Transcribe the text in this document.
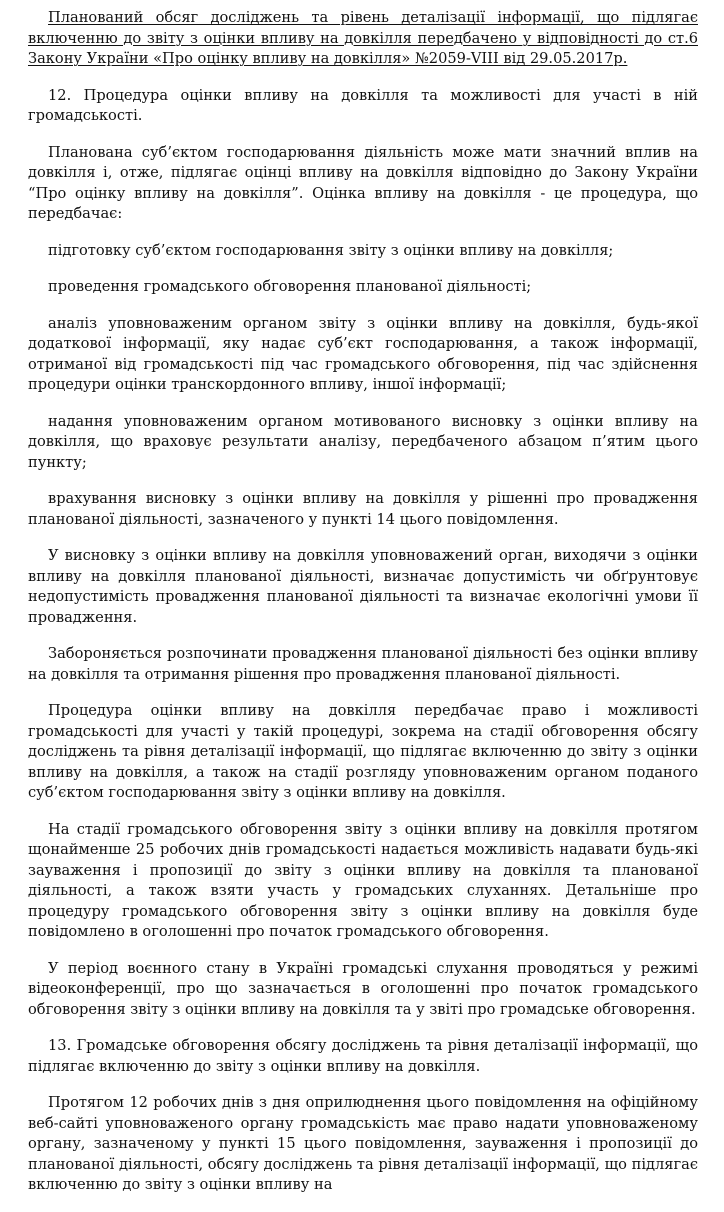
Планований обсяг досліджень та рівень деталізації інформації, що підлягає включенню до звіту з оцінки впливу на довкілля передбачено у відповідності до ст.6 Закону України «Про оцінку впливу на довкілля» №2059-VIII від 29.05.2017р.

12. Процедура оцінки впливу на довкілля та можливості для участі в ній громадськості.

Планована суб’єктом господарювання діяльність може мати значний вплив на довкілля і, отже, підлягає оцінці впливу на довкілля відповідно до Закону України “Про оцінку впливу на довкілля”. Оцінка впливу на довкілля - це процедура, що передбачає:

підготовку суб’єктом господарювання звіту з оцінки впливу на довкілля;

проведення громадського обговорення планованої діяльності;

аналіз уповноваженим органом звіту з оцінки впливу на довкілля, будь-якої додаткової інформації, яку надає суб’єкт господарювання, а також інформації, отриманої від громадськості під час громадського обговорення, під час здійснення процедури оцінки транскордонного впливу, іншої інформації;

надання уповноваженим органом мотивованого висновку з оцінки впливу на довкілля, що враховує результати аналізу, передбаченого абзацом п’ятим цього пункту;

врахування висновку з оцінки впливу на довкілля у рішенні про провадження планованої діяльності, зазначеного у пункті 14 цього повідомлення.

У висновку з оцінки впливу на довкілля уповноважений орган, виходячи з оцінки впливу на довкілля планованої діяльності, визначає допустимість чи обґрунтовує недопустимість провадження планованої діяльності та визначає екологічні умови її провадження.

Забороняється розпочинати провадження планованої діяльності без оцінки впливу на довкілля та отримання рішення про провадження планованої діяльності.

Процедура оцінки впливу на довкілля передбачає право і можливості громадськості для участі у такій процедурі, зокрема на стадії обговорення обсягу досліджень та рівня деталізації інформації, що підлягає включенню до звіту з оцінки впливу на довкілля, а також на стадії розгляду уповноваженим органом поданого суб’єктом господарювання звіту з оцінки впливу на довкілля.

На стадії громадського обговорення звіту з оцінки впливу на довкілля протягом щонайменше 25 робочих днів громадськості надається можливість надавати будь-які зауваження і пропозиції до звіту з оцінки впливу на довкілля та планованої діяльності, а також взяти участь у громадських слуханнях. Детальніше про процедуру громадського обговорення звіту з оцінки впливу на довкілля буде повідомлено в оголошенні про початок громадського обговорення.

У період воєнного стану в Україні громадські слухання проводяться у режимі відеоконференції, про що зазначається в оголошенні про початок громадського обговорення звіту з оцінки впливу на довкілля та у звіті про громадське обговорення.

13. Громадське обговорення обсягу досліджень та рівня деталізації інформації, що підлягає включенню до звіту з оцінки впливу на довкілля.

Протягом 12 робочих днів з дня оприлюднення цього повідомлення на офіційному веб-сайті уповноваженого органу громадськість має право надати уповноваженому органу, зазначеному у пункті 15 цього повідомлення, зауваження і пропозиції до планованої діяльності, обсягу досліджень та рівня деталізації інформації, що підлягає включенню до звіту з оцінки впливу на
